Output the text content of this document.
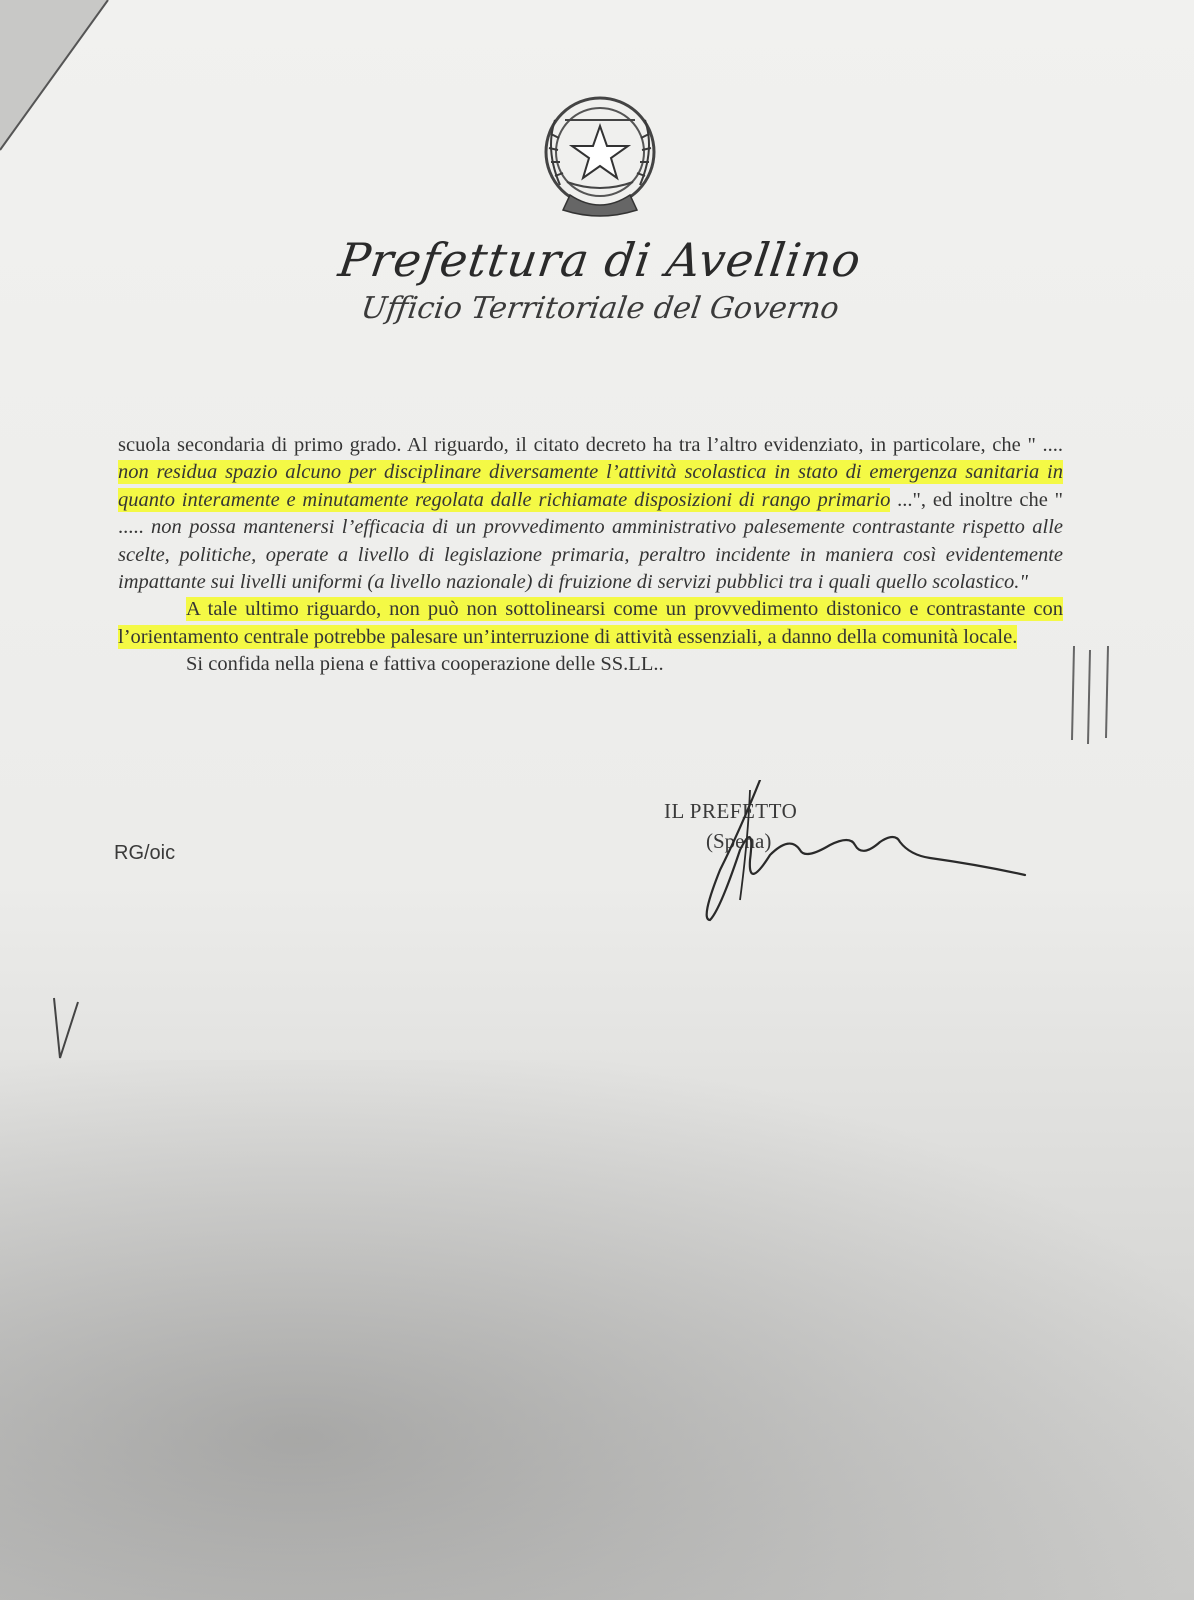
Prefettura di Avellino
Ufficio Territoriale del Governo

scuola secondaria di primo grado. Al riguardo, il citato decreto ha tra l’altro evidenziato, in particolare, che " .... non residua spazio alcuno per disciplinare diversamente l’attività scolastica in stato di emergenza sanitaria in quanto interamente e minutamente regolata dalle richiamate disposizioni di rango primario ...", ed inoltre che " ..... non possa mantenersi l’efficacia di un provvedimento amministrativo palesemente contrastante rispetto alle scelte, politiche, operate a livello di legislazione primaria, peraltro incidente in maniera così evidentemente impattante sui livelli uniformi (a livello nazionale) di fruizione di servizi pubblici tra i quali quello scolastico."

A tale ultimo riguardo, non può non sottolinearsi come un provvedimento distonico e contrastante con l’orientamento centrale potrebbe palesare un’interruzione di attività essenziali, a danno della comunità locale.

Si confida nella piena e fattiva cooperazione delle SS.LL..

IL PREFETTO
(Spena)
RG/oic
